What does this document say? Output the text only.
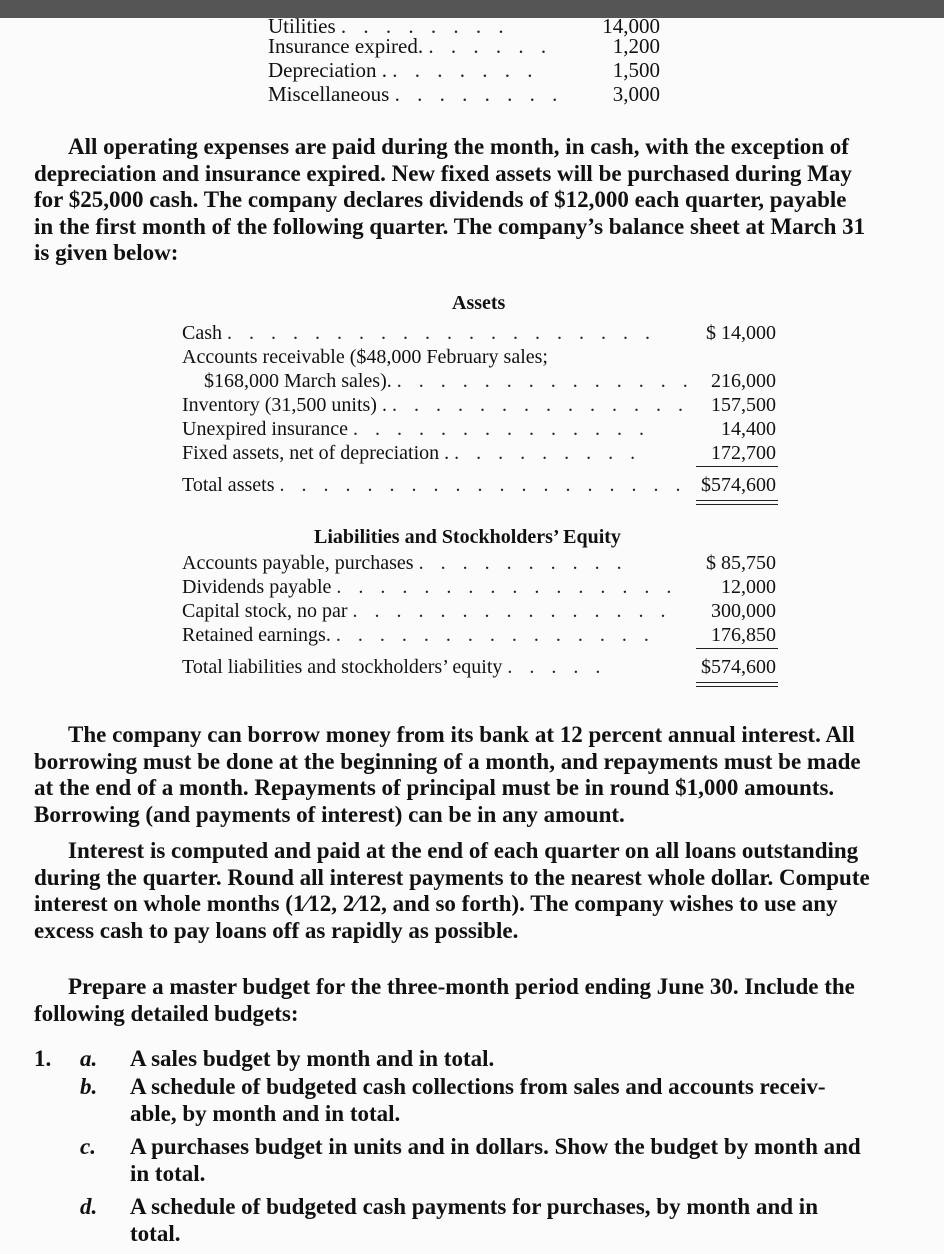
Utilities . . . . . . . .	14,000
Insurance expired. . . . . . .	1,200
Depreciation . . . . . . . .	1,500
Miscellaneous . . . . . . . .	3,000
All operating expenses are paid during the month, in cash, with the exception of
depreciation and insurance expired. New fixed assets will be purchased during May
for $25,000 cash. The company declares dividends of $12,000 each quarter, payable
in the first month of the following quarter. The company’s balance sheet at March 31
is given below:
Assets
Cash . . . . . . . . . . . . . . . . . . . .	$ 14,000
Accounts receivable ($48,000 February sales;
$168,000 March sales). . . . . . . . . . . . . . . 216,000
Inventory (31,500 units) . . . . . . . . . . . . . . .	157,500
Unexpired insurance . . . . . . . . . . . . . .	14,400
Fixed assets, net of depreciation . . . . . . . . . .	172,700
Total assets . . . . . . . . . . . . . . . . . . . $574,600
Liabilities and Stockholders’ Equity
Accounts payable, purchases . . . . . . . . . .	$ 85,750
Dividends payable . . . . . . . . . . . . . . . .	12,000
Capital stock, no par . . . . . . . . . . . . . . .	300,000
Retained earnings. . . . . . . . . . . . . . . .	176,850
Total liabilities and stockholders’ equity . . . . .	$574,600
The company can borrow money from its bank at 12 percent annual interest. All
borrowing must be done at the beginning of a month, and repayments must be made
at the end of a month. Repayments of principal must be in round $1,000 amounts.
Borrowing (and payments of interest) can be in any amount.
Interest is computed and paid at the end of each quarter on all loans outstanding
during the quarter. Round all interest payments to the nearest whole dollar. Compute
interest on whole months (1⁄12, 2⁄12, and so forth). The company wishes to use any
excess cash to pay loans off as rapidly as possible.
Prepare a master budget for the three-month period ending June 30. Include the
following detailed budgets:
1. a. A sales budget by month and in total.
b. A schedule of budgeted cash collections from sales and accounts receiv-
able, by month and in total.
c. A purchases budget in units and in dollars. Show the budget by month and
in total.
d. A schedule of budgeted cash payments for purchases, by month and in
total.
